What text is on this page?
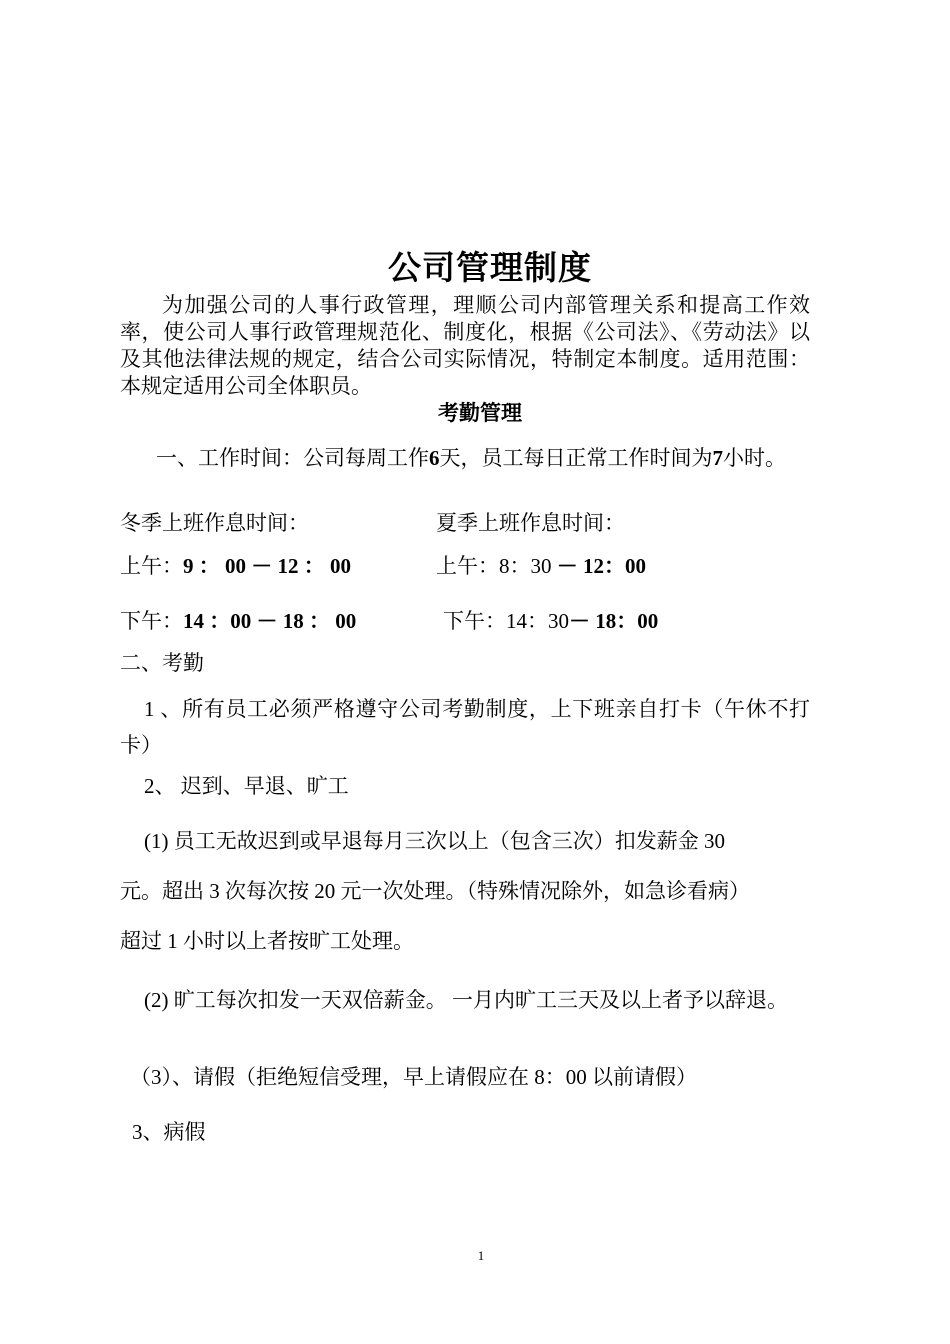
公司管理制度

为加强公司的人事行政管理，理顺公司内部管理关系和提高工作效率，使公司人事行政管理规范化、制度化，根据《公司法》、《劳动法》以及其他法律法规的规定，结合公司实际情况，特制定本制度。适用范围：本规定适用公司全体职员。

考勤管理
一、工作时间：公司每周工作6天，员工每日正常工作时间为7小时。
冬季上班作息时间：	夏季上班作息时间：
上午：9 ： 00 － 12 ： 00	上午：8：30 － 12：00
下午：14 ：00 － 18 ： 00	下午：14：30－ 18：00
二、考勤
1 、所有员工必须严格遵守公司考勤制度，上下班亲自打卡（午休不打卡）
2、 迟到、早退、旷工
(1) 员工无故迟到或早退每月三次以上（包含三次）扣发薪金 30
元。超出 3 次每次按 20 元一次处理。（特殊情况除外，如急诊看病）
超过 1 小时以上者按旷工处理。
(2) 旷工每次扣发一天双倍薪金。 一月内旷工三天及以上者予以辞退。
（3）、请假（拒绝短信受理，早上请假应在 8：00 以前请假）
3、病假
1
